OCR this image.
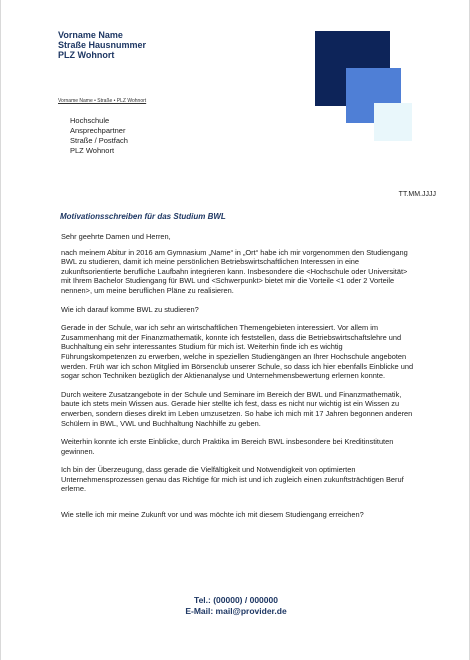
Vorname Name
Straße Hausnummer
PLZ Wohnort
Vorname Name • Straße • PLZ Wohnort
Hochschule
Ansprechpartner
Straße / Postfach
PLZ Wohnort
TT.MM.JJJJ
Motivationsschreiben für das Studium BWL

Sehr geehrte Damen und Herren,

nach meinem Abitur in 2016 am Gymnasium „Name“ in „Ort“ habe ich mir vorgenommen den Studiengang BWL zu studieren, damit ich meine persönlichen Betriebswirtschaftlichen Interessen in eine zukunftsorientierte berufliche Laufbahn integrieren kann. Insbesondere die <Hochschule oder Universität> mit Ihrem Bachelor Studiengang für BWL und <Schwerpunkt> bietet mir die Vorteile <1 oder 2 Vorteile nennen>, um meine beruflichen Pläne zu realisieren.

Wie ich darauf komme BWL zu studieren?

Gerade in der Schule, war ich sehr an wirtschaftlichen Themengebieten interessiert. Vor allem im Zusammenhang mit der Finanzmathematik, konnte ich feststellen, dass die Betriebswirtschaftslehre und Buchhaltung ein sehr interessantes Studium für mich ist. Weiterhin finde ich es wichtig Führungskompetenzen zu erwerben, welche in speziellen Studiengängen an Ihrer Hochschule angeboten werden. Früh war ich schon Mitglied im Börsenclub unserer Schule, so dass ich hier ebenfalls Einblicke und sogar schon Techniken bezüglich der Aktienanalyse und Unternehmensbewertung erlernen konnte.

Durch weitere Zusatzangebote in der Schule und Seminare im Bereich der BWL und Finanzmathematik, baute ich stets mein Wissen aus. Gerade hier stellte ich fest, dass es nicht nur wichtig ist ein Wissen zu erwerben, sondern dieses direkt im Leben umzusetzen. So habe ich mich mit 17 Jahren begonnen anderen Schülern in BWL, VWL und Buchhaltung Nachhilfe zu geben.

Weiterhin konnte ich erste Einblicke, durch Praktika im Bereich BWL insbesondere bei Kreditinstituten gewinnen.

Ich bin der Überzeugung, dass gerade die Vielfältigkeit und Notwendigkeit von optimierten Unternehmensprozessen genau das Richtige für mich ist und ich zugleich einen zukunftsträchtigen Beruf erlerne.

Wie stelle ich mir meine Zukunft vor und was möchte ich mit diesem Studiengang erreichen?

Tel.: (00000) / 000000
E-Mail: mail@provider.de
